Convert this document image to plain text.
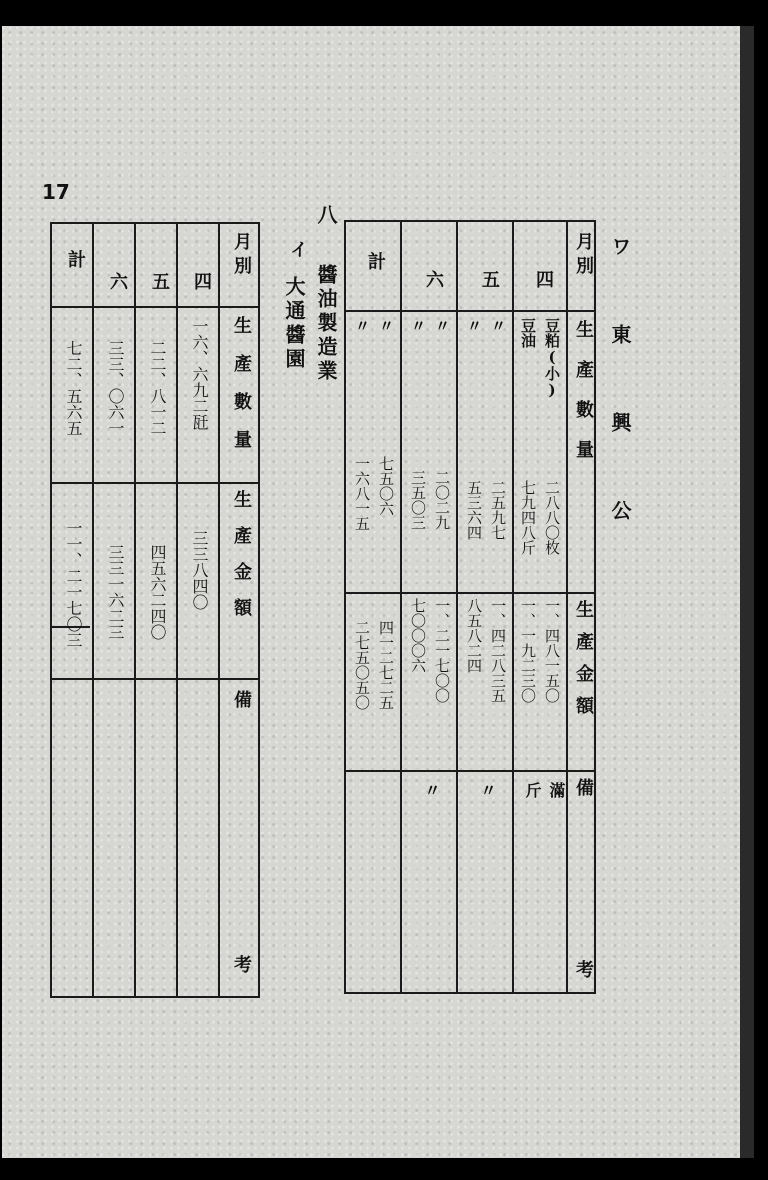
17
ワ 東 興 公
八
醬油製造業
イ
大通醬園
月別
生產數量
生產金額
備
考
四
豆粕(小)
豆油
二八八〇枚
七九四八斤
一、四八一五〇
一、一九二三〇
滿
斤
五
〃
〃
二五九七
五三六四
一、四二八三五
八五八二四
〃
六
〃
〃
二〇二九
三五〇三
一、二一七〇〇
七〇〇〇六
〃
計
〃
〃
七五〇六
一六八一五
四一二七二五
二七五〇五〇
月別
生產數量
生產金額
備
考
四
一六、六九二瓩
三三八四〇
五
二二、八一二
四五六二四〇
六
三三、〇六一
三三一六二三
計
七二、五六五
一一、二一七〇三
